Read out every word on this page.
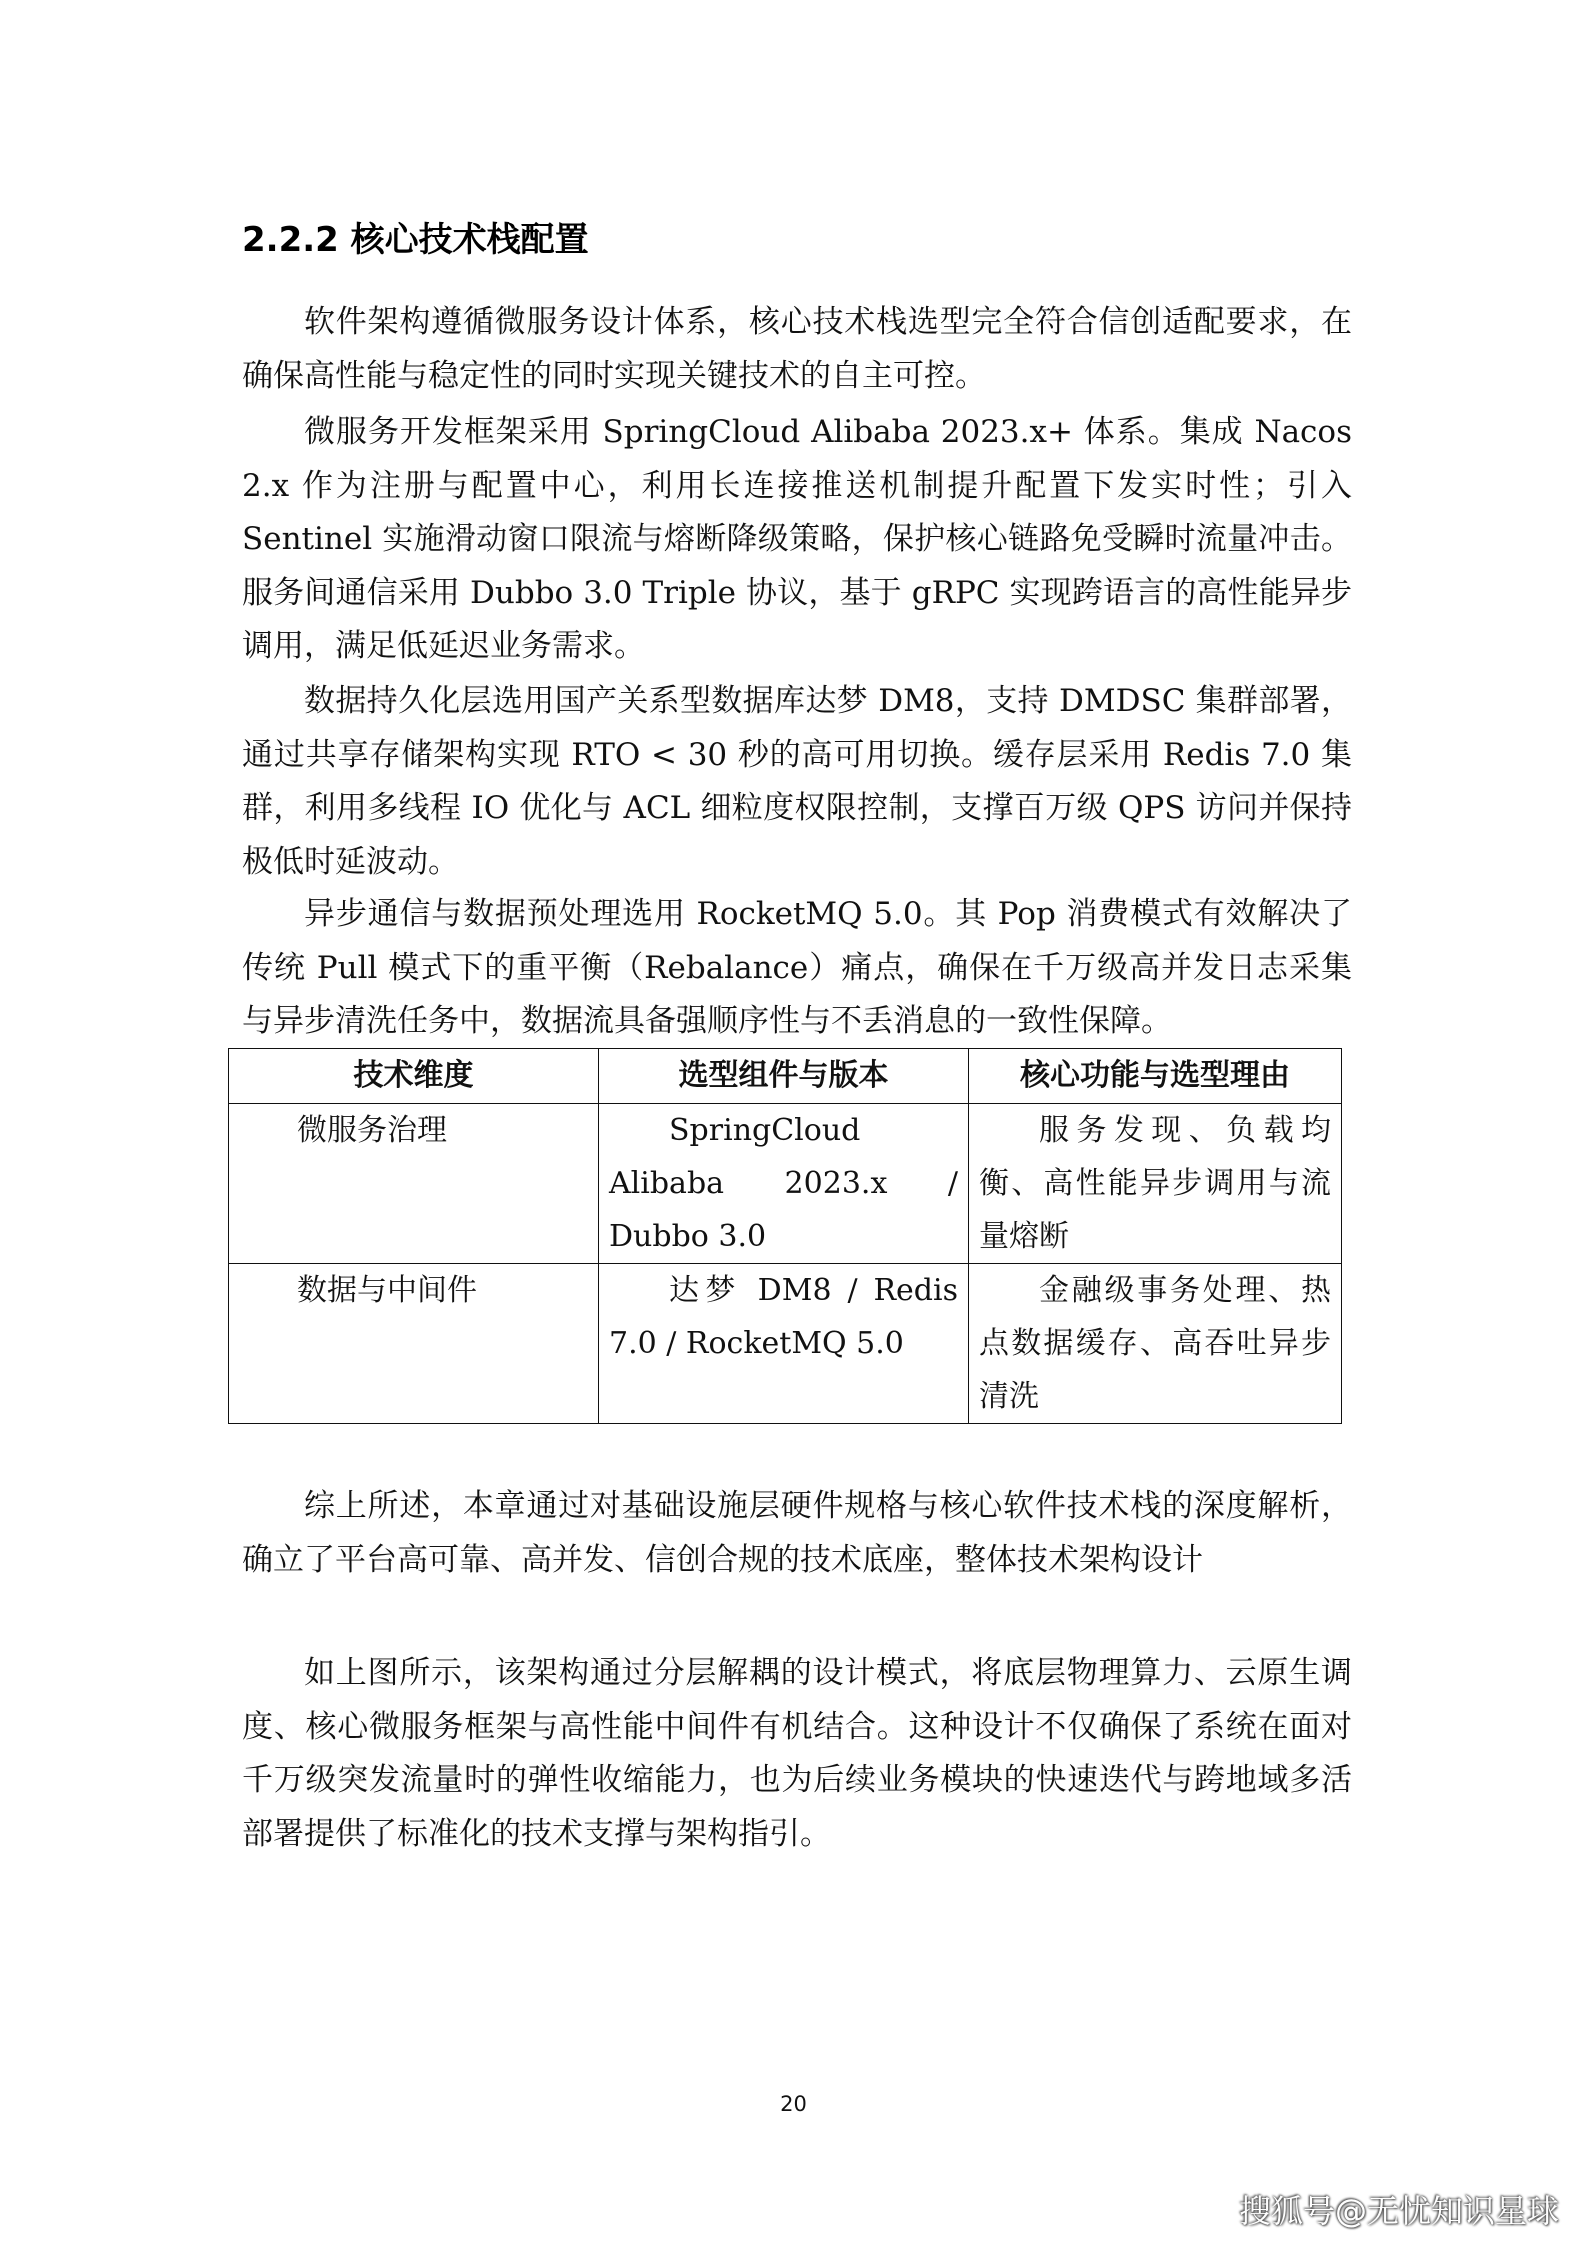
2.2.2 核心技术栈配置

软件架构遵循微服务设计体系，核心技术栈选型完全符合信创适配要求，在确保高性能与稳定性的同时实现关键技术的自主可控。

微服务开发框架采用 SpringCloud Alibaba 2023.x+ 体系。集成 Nacos 2.x 作为注册与配置中心，利用长连接推送机制提升配置下发实时性；引入 Sentinel 实施滑动窗口限流与熔断降级策略，保护核心链路免受瞬时流量冲击。服务间通信采用 Dubbo 3.0 Triple 协议，基于 gRPC 实现跨语言的高性能异步调用，满足低延迟业务需求。

数据持久化层选用国产关系型数据库达梦 DM8，支持 DMDSC 集群部署，通过共享存储架构实现 RTO < 30 秒的高可用切换。缓存层采用 Redis 7.0 集群，利用多线程 IO 优化与 ACL 细粒度权限控制，支撑百万级 QPS 访问并保持极低时延波动。

异步通信与数据预处理选用 RocketMQ 5.0。其 Pop 消费模式有效解决了传统 Pull 模式下的重平衡（Rebalance）痛点，确保在千万级高并发日志采集与异步清洗任务中，数据流具备强顺序性与不丢消息的一致性保障。

技术维度	选型组件与版本	核心功能与选型理由
微服务治理	SpringCloud Alibaba 2023.x / Dubbo 3.0	服务发现、负载均衡、高性能异步调用与流量熔断
数据与中间件	达梦 DM8 / Redis 7.0 / RocketMQ 5.0	金融级事务处理、热点数据缓存、高吞吐异步清洗

综上所述，本章通过对基础设施层硬件规格与核心软件技术栈的深度解析，确立了平台高可靠、高并发、信创合规的技术底座，整体技术架构设计

如上图所示，该架构通过分层解耦的设计模式，将底层物理算力、云原生调度、核心微服务框架与高性能中间件有机结合。这种设计不仅确保了系统在面对千万级突发流量时的弹性收缩能力，也为后续业务模块的快速迭代与跨地域多活部署提供了标准化的技术支撑与架构指引。

20
搜狐号@无忧知识星球
